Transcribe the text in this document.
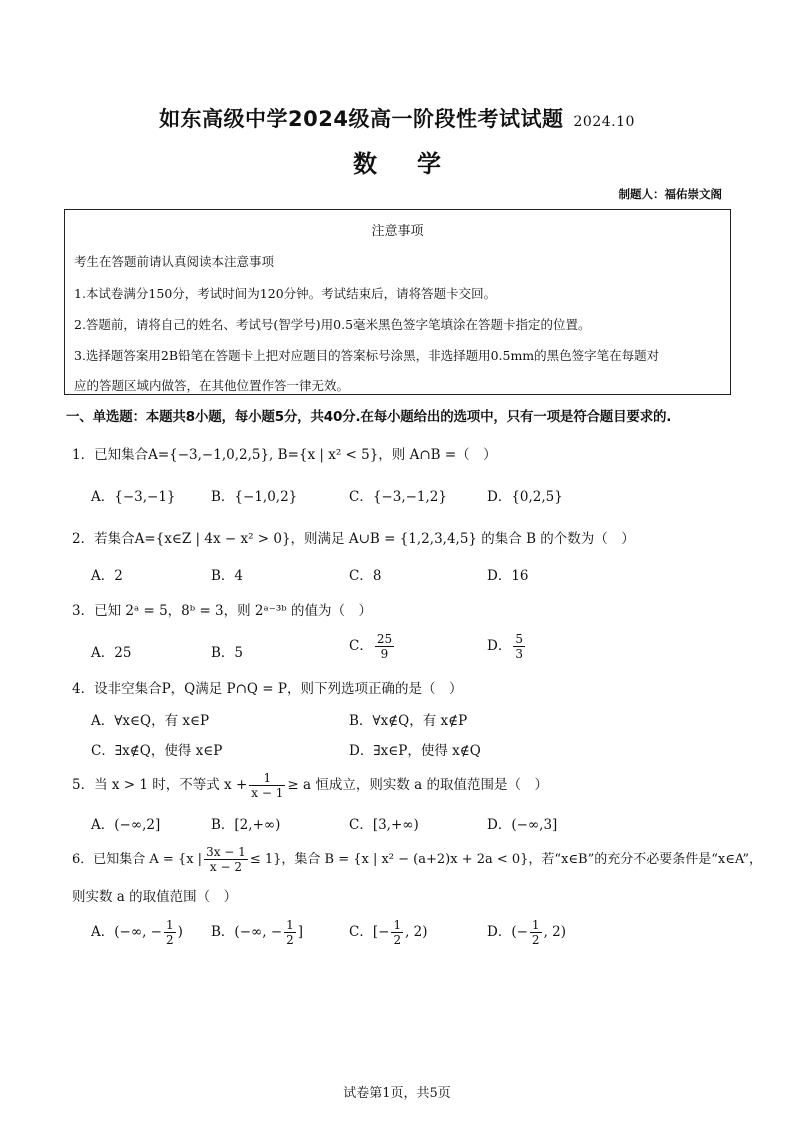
如东高级中学2024级高一阶段性考试试题 2024.10
数学
制题人：福佑崇文阁
注意事项
考生在答题前请认真阅读本注意事项
1.本试卷满分150分，考试时间为120分钟。考试结束后，请将答题卡交回。
2.答题前，请将自己的姓名、考试号(智学号)用0.5毫米黑色签字笔填涂在答题卡指定的位置。
3.选择题答案用2B铅笔在答题卡上把对应题目的答案标号涂黑，非选择题用0.5mm的黑色签字笔在每题对
应的答题区域内做答，在其他位置作答一律无效。
一、单选题：本题共8小题，每小题5分，共40分.在每小题给出的选项中，只有一项是符合题目要求的.
1．已知集合A={−3,−1,0,2,5}, B={x | x² < 5}，则 A∩B =（　）
A．{−3,−1}	B．{−1,0,2}	C．{−3,−1,2}	D．{0,2,5}
2．若集合A={x∈Z | 4x − x² > 0}，则满足 A∪B = {1,2,3,4,5} 的集合 B 的个数为（　）
A．2	B．4	C．8	D．16
3．已知 2ᵃ = 5，8ᵇ = 3，则 2ᵃ⁻³ᵇ 的值为（　）
A．25	B．5	C． $\frac{25}{9}$	D． $\frac{5}{3}$
4．设非空集合P，Q满足 P∩Q = P，则下列选项正确的是（　）
A．∀x∈Q，有 x∈P	B．∀x∉Q，有 x∉P
C．∃x∉Q，使得 x∈P	D．∃x∈P，使得 x∉Q
5．当 x > 1 时，不等式 $x + \frac{1}{x - 1} \ge a$ 恒成立，则实数 a 的取值范围是（　）
A．(−∞,2]	B．[2,+∞)	C．[3,+∞)	D．(−∞,3]
6．已知集合 A = {x | $\frac{3x - 1}{x - 2} \le 1$}，集合 B = {x | x² − (a+2)x + 2a < 0}，若“x∈B”的充分不必要条件是“x∈A”，
则实数 a 的取值范围（　）
A．(−∞, − $\frac{1}{2}$ ) B．(−∞, − $\frac{1}{2}$ ]	C．[− $\frac{1}{2}$ , 2)	D．(− $\frac{1}{2}$ , 2)
试卷第1页，共5页
